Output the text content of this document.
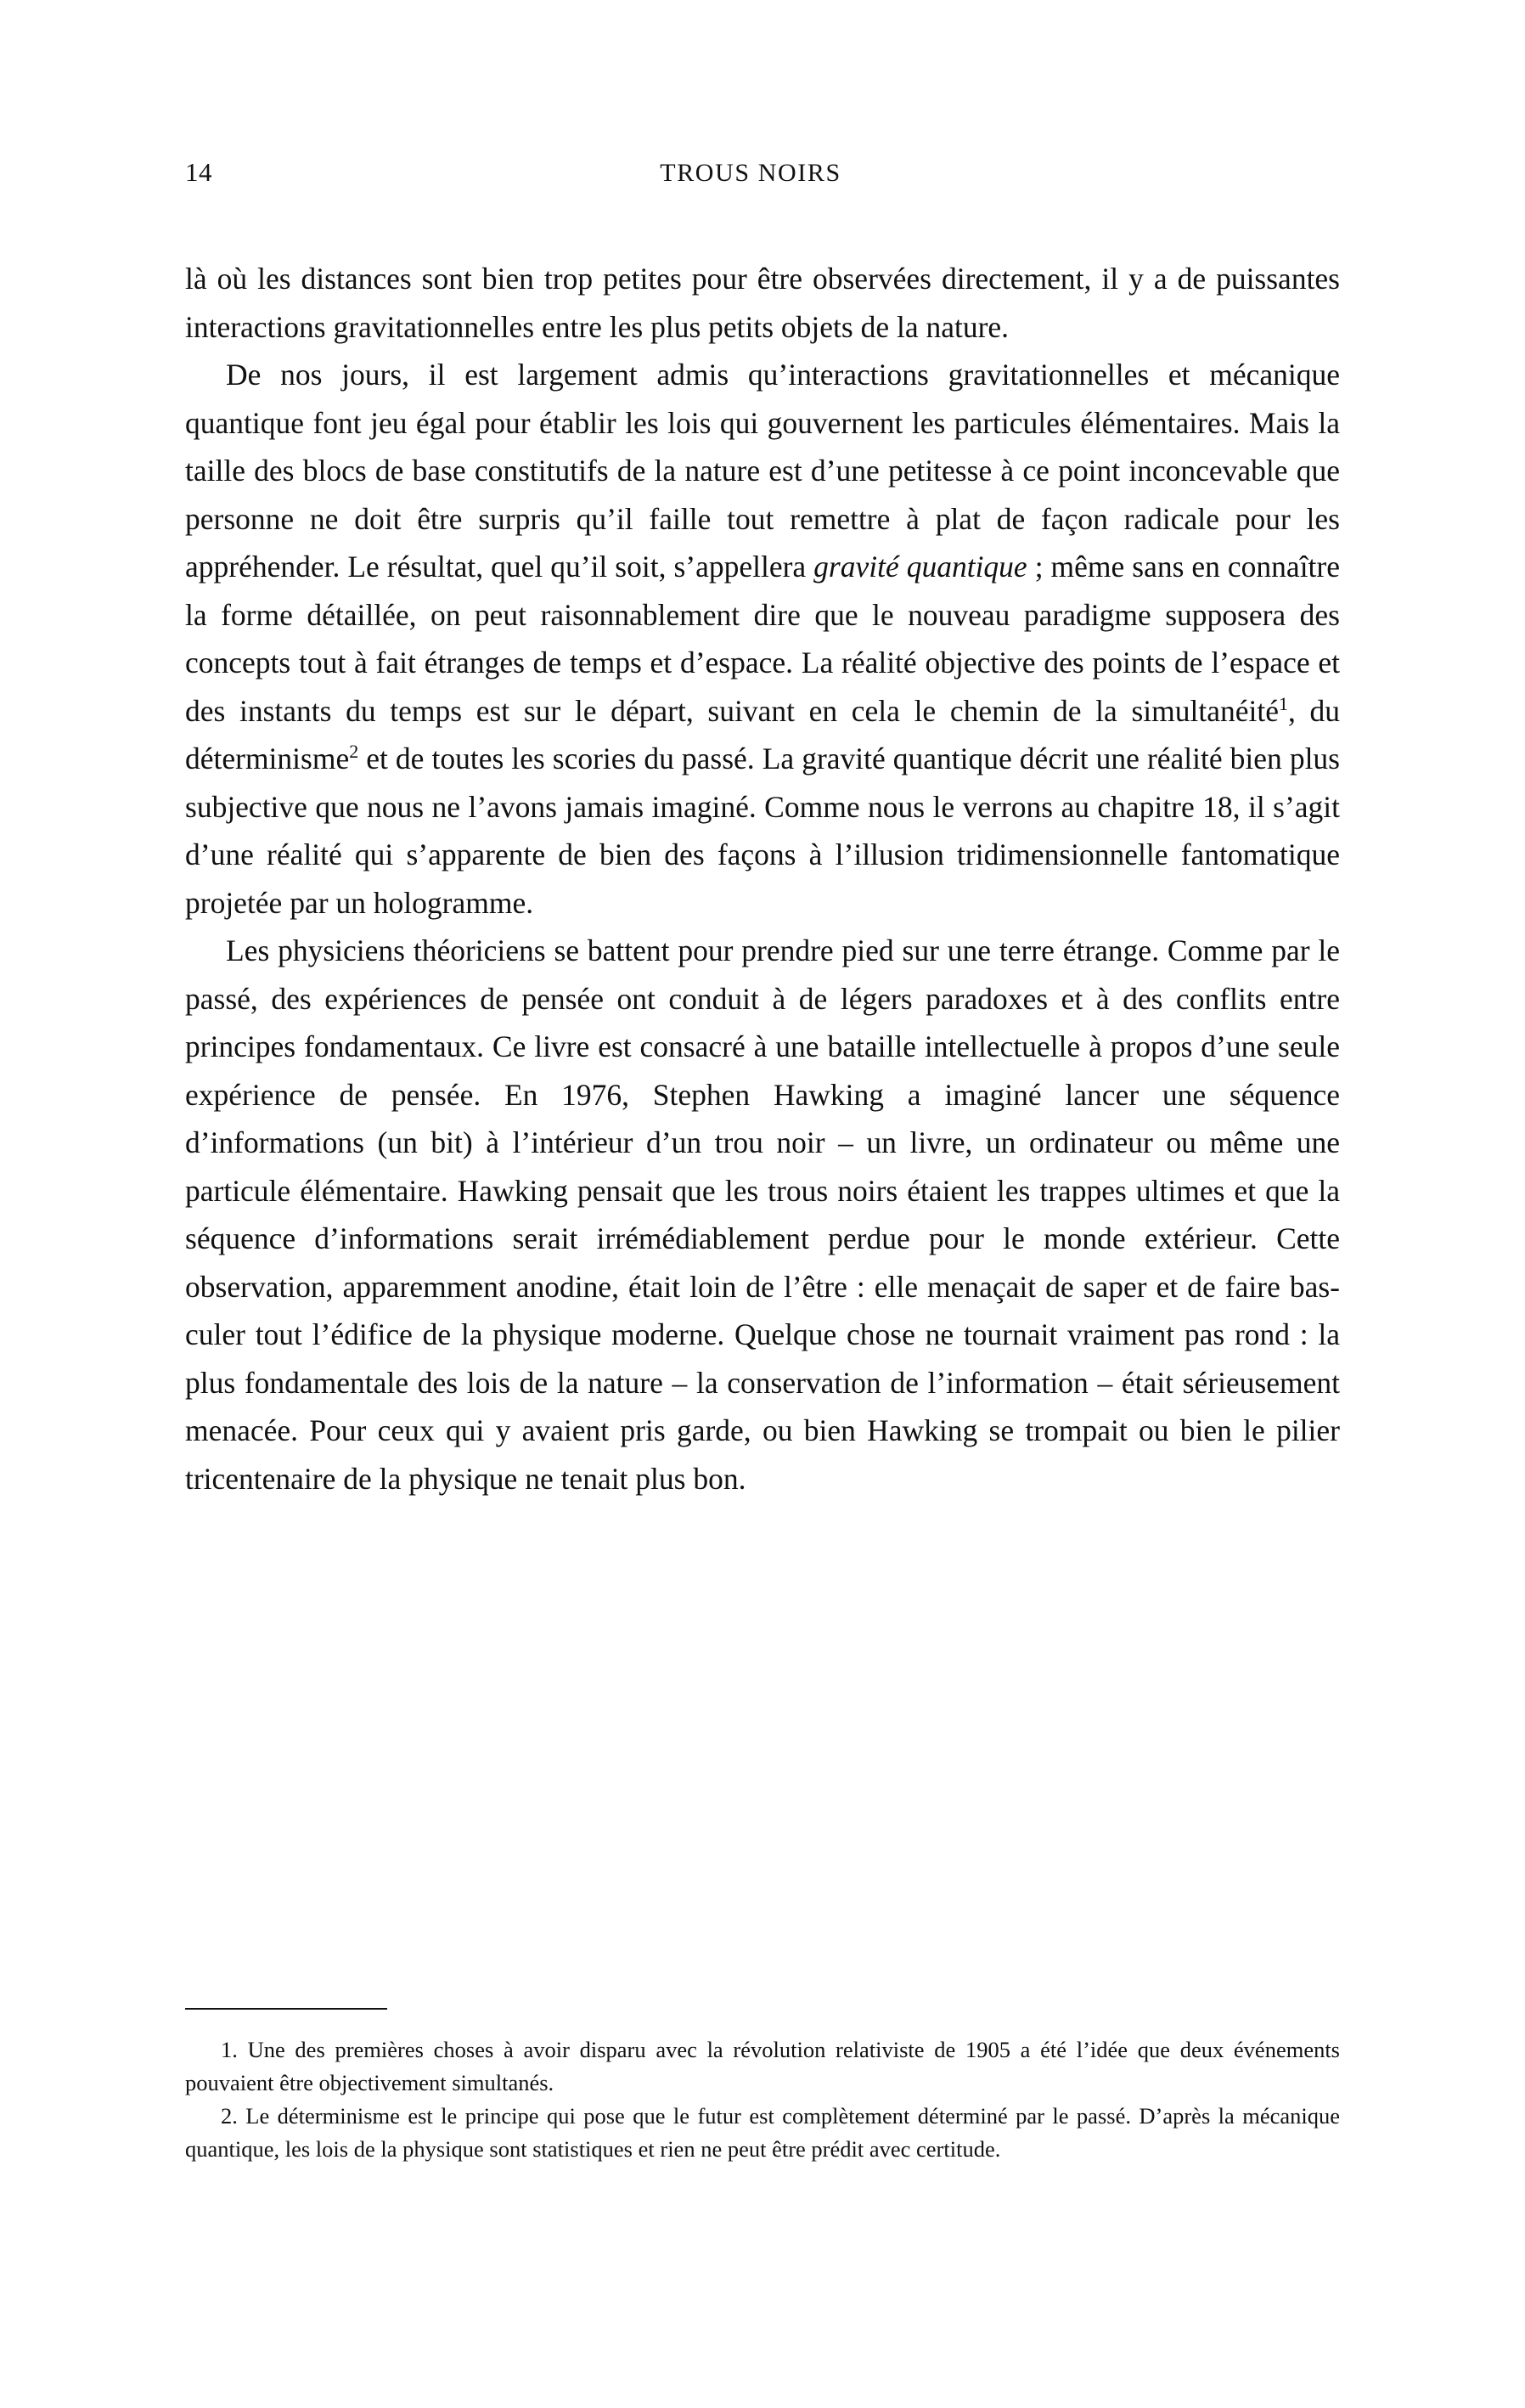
14	TROUS NOIRS

là où les distances sont bien trop petites pour être observées directement, il y a de puissantes interactions gravitationnelles entre les plus petits objets de la nature.

De nos jours, il est largement admis qu’interactions gravitationnelles et mécanique quantique font jeu égal pour établir les lois qui gouvernent les particules élémentaires. Mais la taille des blocs de base constitutifs de la nature est d’une petitesse à ce point inconcevable que personne ne doit être surpris qu’il faille tout remettre à plat de façon radicale pour les appréhender. Le résultat, quel qu’il soit, s’appellera gravité quantique ; même sans en connaître la forme détaillée, on peut raisonnablement dire que le nouveau paradigme supposera des concepts tout à fait étranges de temps et d’espace. La réalité objective des points de l’espace et des instants du temps est sur le départ, suivant en cela le chemin de la simultanéité$^1$, du déterminisme$^2$ et de toutes les scories du passé. La gravité quantique décrit une réalité bien plus subjective que nous ne l’avons jamais imaginé. Comme nous le verrons au chapitre 18, il s’agit d’une réalité qui s’apparente de bien des façons à l’illusion tridimensionnelle fantomatique projetée par un hologramme.

Les physiciens théoriciens se battent pour prendre pied sur une terre étrange. Comme par le passé, des expériences de pensée ont conduit à de légers paradoxes et à des conflits entre principes fondamentaux. Ce livre est consacré à une bataille intellectuelle à propos d’une seule expérience de pensée. En 1976, Stephen Hawking a imaginé lancer une séquence d’informations (un bit) à l’intérieur d’un trou noir – un livre, un ordinateur ou même une particule élémentaire. Hawking pensait que les trous noirs étaient les trappes ultimes et que la séquence d’informations serait irrémédiablement perdue pour le monde extérieur. Cette observation, apparemment anodine, était loin de l’être : elle menaçait de saper et de faire basculer tout l’édifice de la physique moderne. Quelque chose ne tournait vraiment pas rond : la plus fondamentale des lois de la nature – la conservation de l’information – était sérieusement menacée. Pour ceux qui y avaient pris garde, ou bien Hawking se trompait ou bien le pilier tricentenaire de la physique ne tenait plus bon.

1. Une des premières choses à avoir disparu avec la révolution relativiste de 1905 a été l’idée que deux événements pouvaient être objectivement simultanés.

2. Le déterminisme est le principe qui pose que le futur est complètement déterminé par le passé. D’après la mécanique quantique, les lois de la physique sont statistiques et rien ne peut être prédit avec certitude.
